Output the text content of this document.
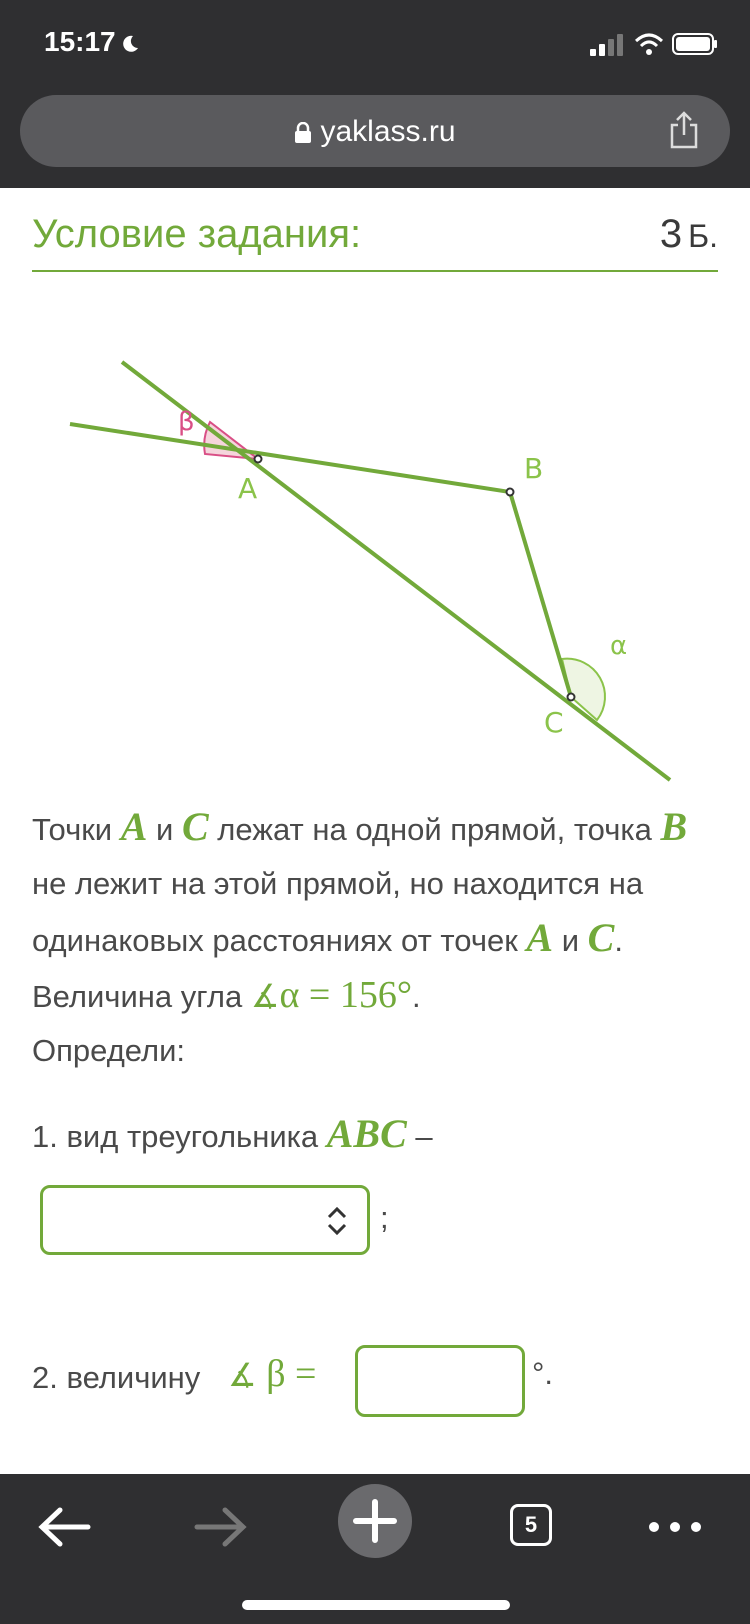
15:17
yaklass.ru
Условие задания:	3 Б.
A
B
C
α
β
Точки A и C лежат на одной прямой, точка B не лежит на этой прямой, но находится на одинаковых расстояниях от точек A и C.
Величина угла ∡α = 156°.
Определи:
1. вид треугольника ABC –
;
2. величину ∡ β =	°.
5
